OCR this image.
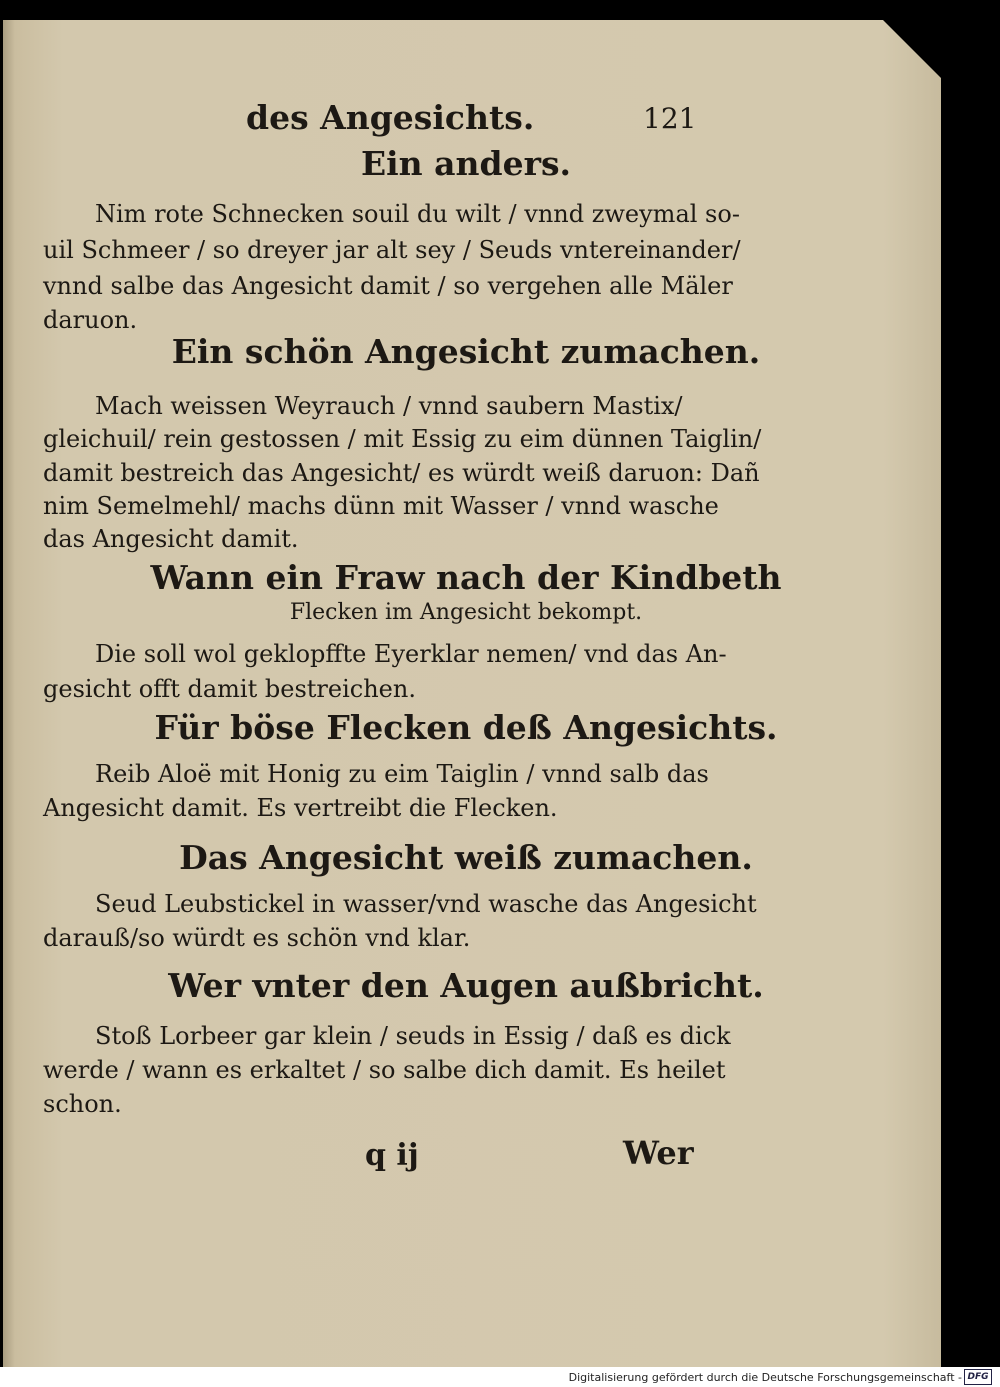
des Angesichts.	121
Ein anders.
Nim rote Schnecken souil du wilt / vnnd zweymal so-
uil Schmeer / so dreyer jar alt sey / Seuds vntereinander/
vnnd salbe das Angesicht damit / so vergehen alle Mäler
daruon.
Ein schön Angesicht zumachen.
Mach weissen Weyrauch / vnnd saubern Mastix/
gleichuil/ rein gestossen / mit Essig zu eim dünnen Taiglin/
damit bestreich das Angesicht/ es würdt weiß daruon: Dañ
nim Semelmehl/ machs dünn mit Wasser / vnnd wasche
das Angesicht damit.
Wann ein Fraw nach der Kindbeth
Flecken im Angesicht bekompt.
Die soll wol geklopffte Eyerklar nemen/ vnd das An-
gesicht offt damit bestreichen.
Für böse Flecken deß Angesichts.
Reib Aloë mit Honig zu eim Taiglin / vnnd salb das
Angesicht damit. Es vertreibt die Flecken.
Das Angesicht weiß zumachen.
Seud Leubstickel in wasser/vnd wasche das Angesicht
darauß/so würdt es schön vnd klar.
Wer vnter den Augen außbricht.
Stoß Lorbeer gar klein / seuds in Essig / daß es dick
werde / wann es erkaltet / so salbe dich damit. Es heilet
schon.
q ij	Wer
Digitalisierung gefördert durch die Deutsche Forschungsgemeinschaft - DFG
